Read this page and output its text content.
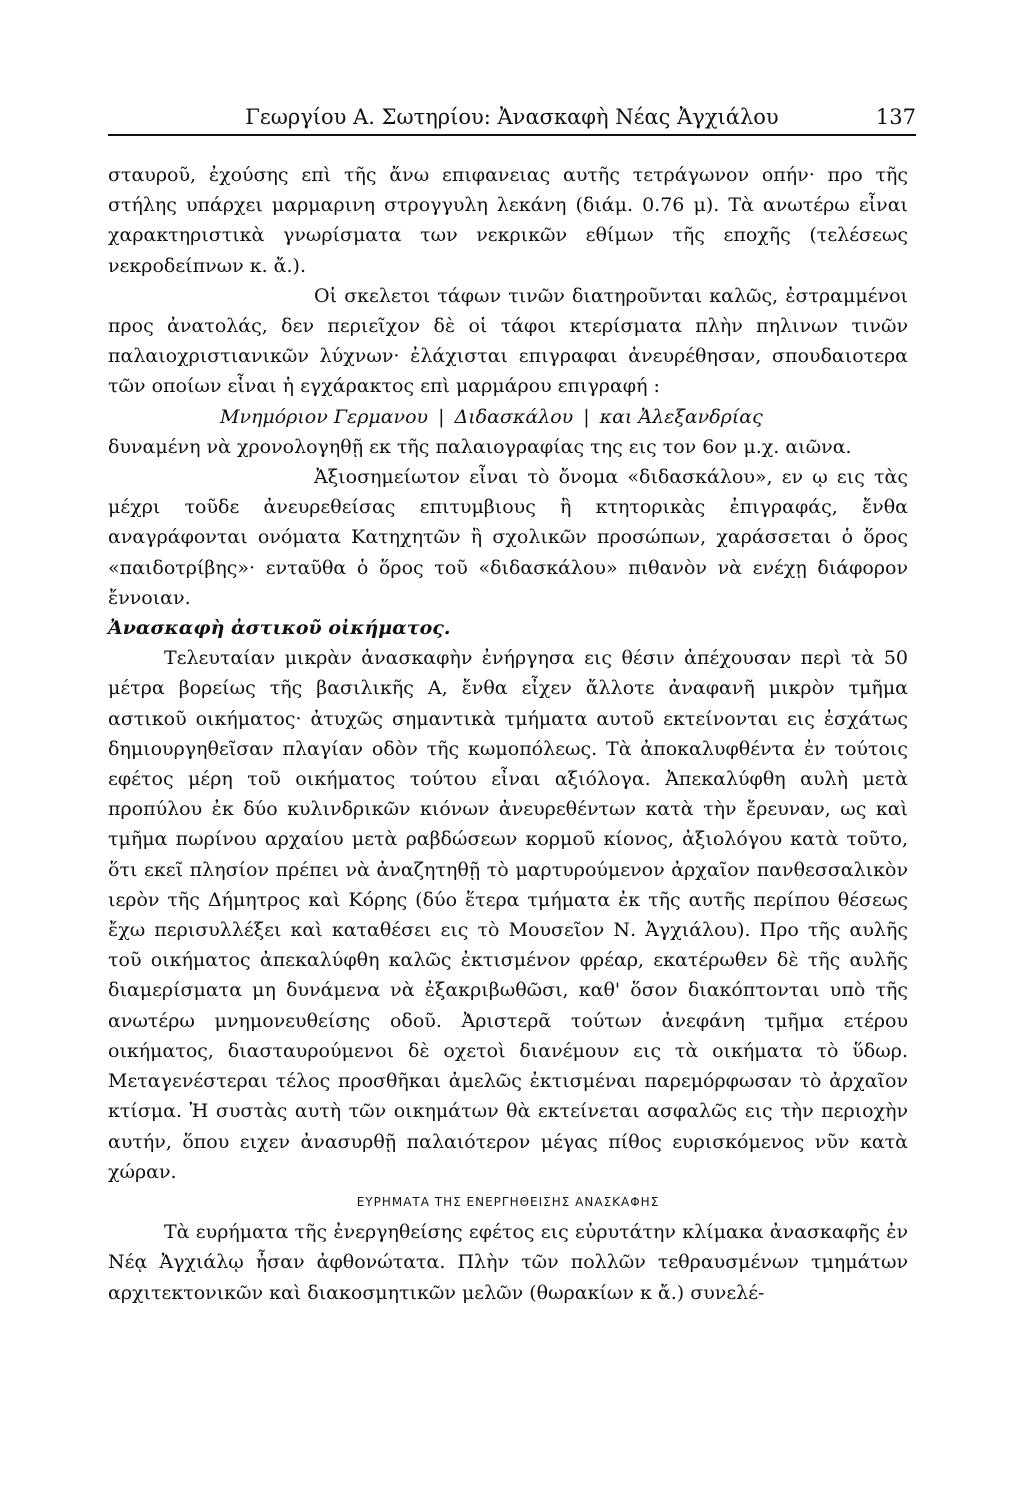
Γεωργίου Α. Σωτηρίου: Ἀνασκαφὴ Νέας Ἀγχιάλου	137

σταυροῦ, ἐχούσης επὶ τῆς ἄνω επιφανειας αυτῆς τετράγωνον οπήν· προ τῆς στήλης υπάρχει μαρμαρινη στρογγυλη λεκάνη (διάμ. 0.76 μ). Τὰ ανωτέρω εἶναι χαρακτηριστικὰ γνωρίσματα των νεκρικῶν εθίμων τῆς εποχῆς (τελέσεως νεκροδείπνων κ. ἄ.).

Οἱ σκελετοι τάφων τινῶν διατηροῦνται καλῶς, ἐστραμμένοι προς ἀνατολάς, δεν περιεῖχον δὲ οἱ τάφοι κτερίσματα πλὴν πηλινων τινῶν παλαιοχριστιανικῶν λύχνων· ἐλάχισται επιγραφαι ἀνευρέθησαν, σπουδαιοτερα τῶν οποίων εἶναι ἡ εγχάρακτος επὶ μαρμάρου επιγραφή :

Μνημόριον Γερμανου | Διδασκάλου | και Ἀλεξανδρίας

δυναμένη νὰ χρονολογηθῇ εκ τῆς παλαιογραφίας της εις τον 6ον μ.χ. αιῶνα.

Ἀξιοσημείωτον εἶναι τὸ ὄνομα «διδασκάλου», εν ῳ εις τὰς μέχρι τοῦδε ἀνευρεθείσας επιτυμβιους ἢ κτητορικὰς ἐπιγραφάς, ἔνθα αναγράφονται ονόματα Κατηχητῶν ἢ σχολικῶν προσώπων, χαράσσεται ὁ ὅρος «παιδοτρίβης»· ενταῦθα ὁ ὅρος τοῦ «διδασκάλου» πιθανὸν νὰ ενέχῃ διάφορον ἔννοιαν.

Ἀνασκαφὴ ἀστικοῦ οἰκήματος.

Τελευταίαν μικρὰν ἀνασκαφὴν ἐνήργησα εις θέσιν ἀπέχουσαν περὶ τὰ 50 μέτρα βορείως τῆς βασιλικῆς Α, ἔνθα εἶχεν ἄλλοτε ἀναφανῆ μικρὸν τμῆμα αστικοῦ οικήματος· ἀτυχῶς σημαντικὰ τμήματα αυτοῦ εκτείνονται εις ἐσχάτως δημιουργηθεῖσαν πλαγίαν οδὸν τῆς κωμοπόλεως. Τὰ ἀποκαλυφθέντα ἐν τούτοις εφέτος μέρη τοῦ οικήματος τούτου εἶναι αξιόλογα. Ἀπεκαλύφθη αυλὴ μετὰ προπύλου ἐκ δύο κυλινδρικῶν κιόνων ἀνευρεθέντων κατὰ τὴν ἔρευναν, ως καὶ τμῆμα πωρίνου αρχαίου μετὰ ραβδώσεων κορμοῦ κίονος, ἀξιολόγου κατὰ τοῦτο, ὅτι εκεῖ πλησίον πρέπει νὰ ἀναζητηθῇ τὸ μαρτυρούμενον ἀρχαῖον πανθεσσαλικὸν ιερὸν τῆς Δήμητρος καὶ Κόρης (δύο ἕτερα τμήματα ἐκ τῆς αυτῆς περίπου θέσεως ἔχω περισυλλέξει καὶ καταθέσει εις τὸ Μουσεῖον Ν. Ἀγχιάλου). Προ τῆς αυλῆς τοῦ οικήματος ἀπεκαλύφθη καλῶς ἐκτισμένον φρέαρ, εκατέρωθεν δὲ τῆς αυλῆς διαμερίσματα μη δυνάμενα νὰ ἐξακριβωθῶσι, καθ' ὅσον διακόπτονται υπὸ τῆς ανωτέρω μνημονευθείσης οδοῦ. Ἀριστερᾶ τούτων ἀνεφάνη τμῆμα ετέρου οικήματος, διασταυρούμενοι δὲ οχετοὶ διανέμουν εις τὰ οικήματα τὸ ὕδωρ. Μεταγενέστεραι τέλος προσθῆκαι ἀμελῶς ἐκτισμέναι παρεμόρφωσαν τὸ ἀρχαῖον κτίσμα. Ἡ συστὰς αυτὴ τῶν οικημάτων θὰ εκτείνεται ασφαλῶς εις τὴν περιοχὴν αυτήν, ὅπου ειχεν ἀνασυρθῇ παλαιότερον μέγας πίθος ευρισκόμενος νῦν κατὰ χώραν.

ΕΥΡΗΜΑΤΑ ΤΗΣ ΕΝΕΡΓΗΘΕΙΣΗΣ ΑΝΑΣΚΑΦΗΣ

Τὰ ευρήματα τῆς ἐνεργηθείσης εφέτος εις εὐρυτάτην κλίμακα ἀνασκαφῆς ἐν Νέᾳ Ἀγχιάλῳ ἦσαν ἀφθονώτατα. Πλὴν τῶν πολλῶν τεθραυσμένων τμημάτων αρχιτεκτονικῶν καὶ διακοσμητικῶν μελῶν (θωρακίων κ ἄ.) συνελέ-
